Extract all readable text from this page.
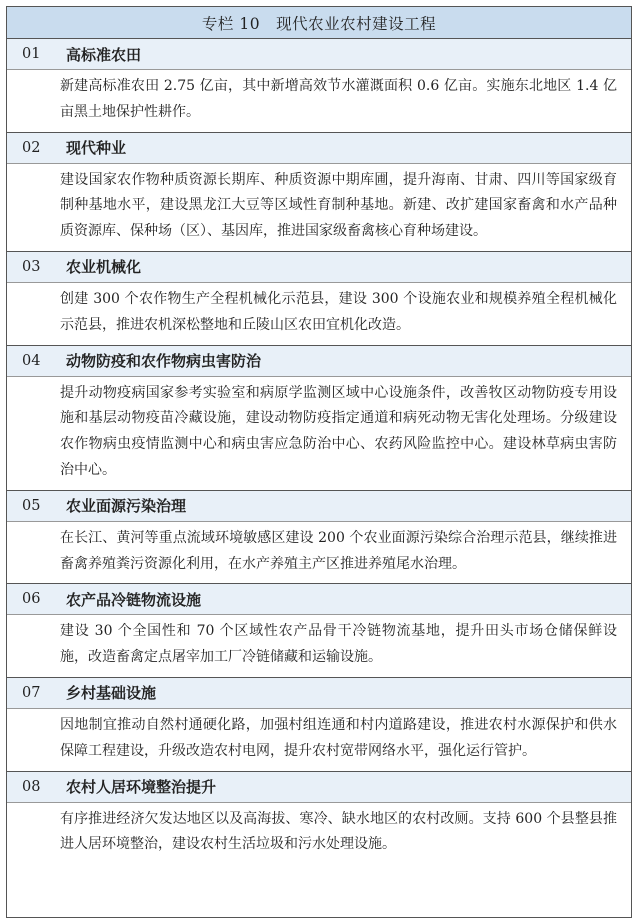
专栏 10　现代农业农村建设工程
01	高标准农田
新建高标准农田 2.75 亿亩，其中新增高效节水灌溉面积 0.6 亿亩。实施东北地区 1.4 亿亩黑土地保护性耕作。
02	现代种业
建设国家农作物种质资源长期库、种质资源中期库圃，提升海南、甘肃、四川等国家级育制种基地水平，建设黑龙江大豆等区域性育制种基地。新建、改扩建国家畜禽和水产品种质资源库、保种场（区）、基因库，推进国家级畜禽核心育种场建设。
03	农业机械化
创建 300 个农作物生产全程机械化示范县，建设 300 个设施农业和规模养殖全程机械化示范县，推进农机深松整地和丘陵山区农田宜机化改造。
04	动物防疫和农作物病虫害防治
提升动物疫病国家参考实验室和病原学监测区域中心设施条件，改善牧区动物防疫专用设施和基层动物疫苗冷藏设施，建设动物防疫指定通道和病死动物无害化处理场。分级建设农作物病虫疫情监测中心和病虫害应急防治中心、农药风险监控中心。建设林草病虫害防治中心。
05	农业面源污染治理
在长江、黄河等重点流域环境敏感区建设 200 个农业面源污染综合治理示范县，继续推进畜禽养殖粪污资源化利用，在水产养殖主产区推进养殖尾水治理。
06	农产品冷链物流设施
建设 30 个全国性和 70 个区域性农产品骨干冷链物流基地，提升田头市场仓储保鲜设施，改造畜禽定点屠宰加工厂冷链储藏和运输设施。
07	乡村基础设施
因地制宜推动自然村通硬化路，加强村组连通和村内道路建设，推进农村水源保护和供水保障工程建设，升级改造农村电网，提升农村宽带网络水平，强化运行管护。
08	农村人居环境整治提升
有序推进经济欠发达地区以及高海拔、寒冷、缺水地区的农村改厕。支持 600 个县整县推进人居环境整治，建设农村生活垃圾和污水处理设施。
